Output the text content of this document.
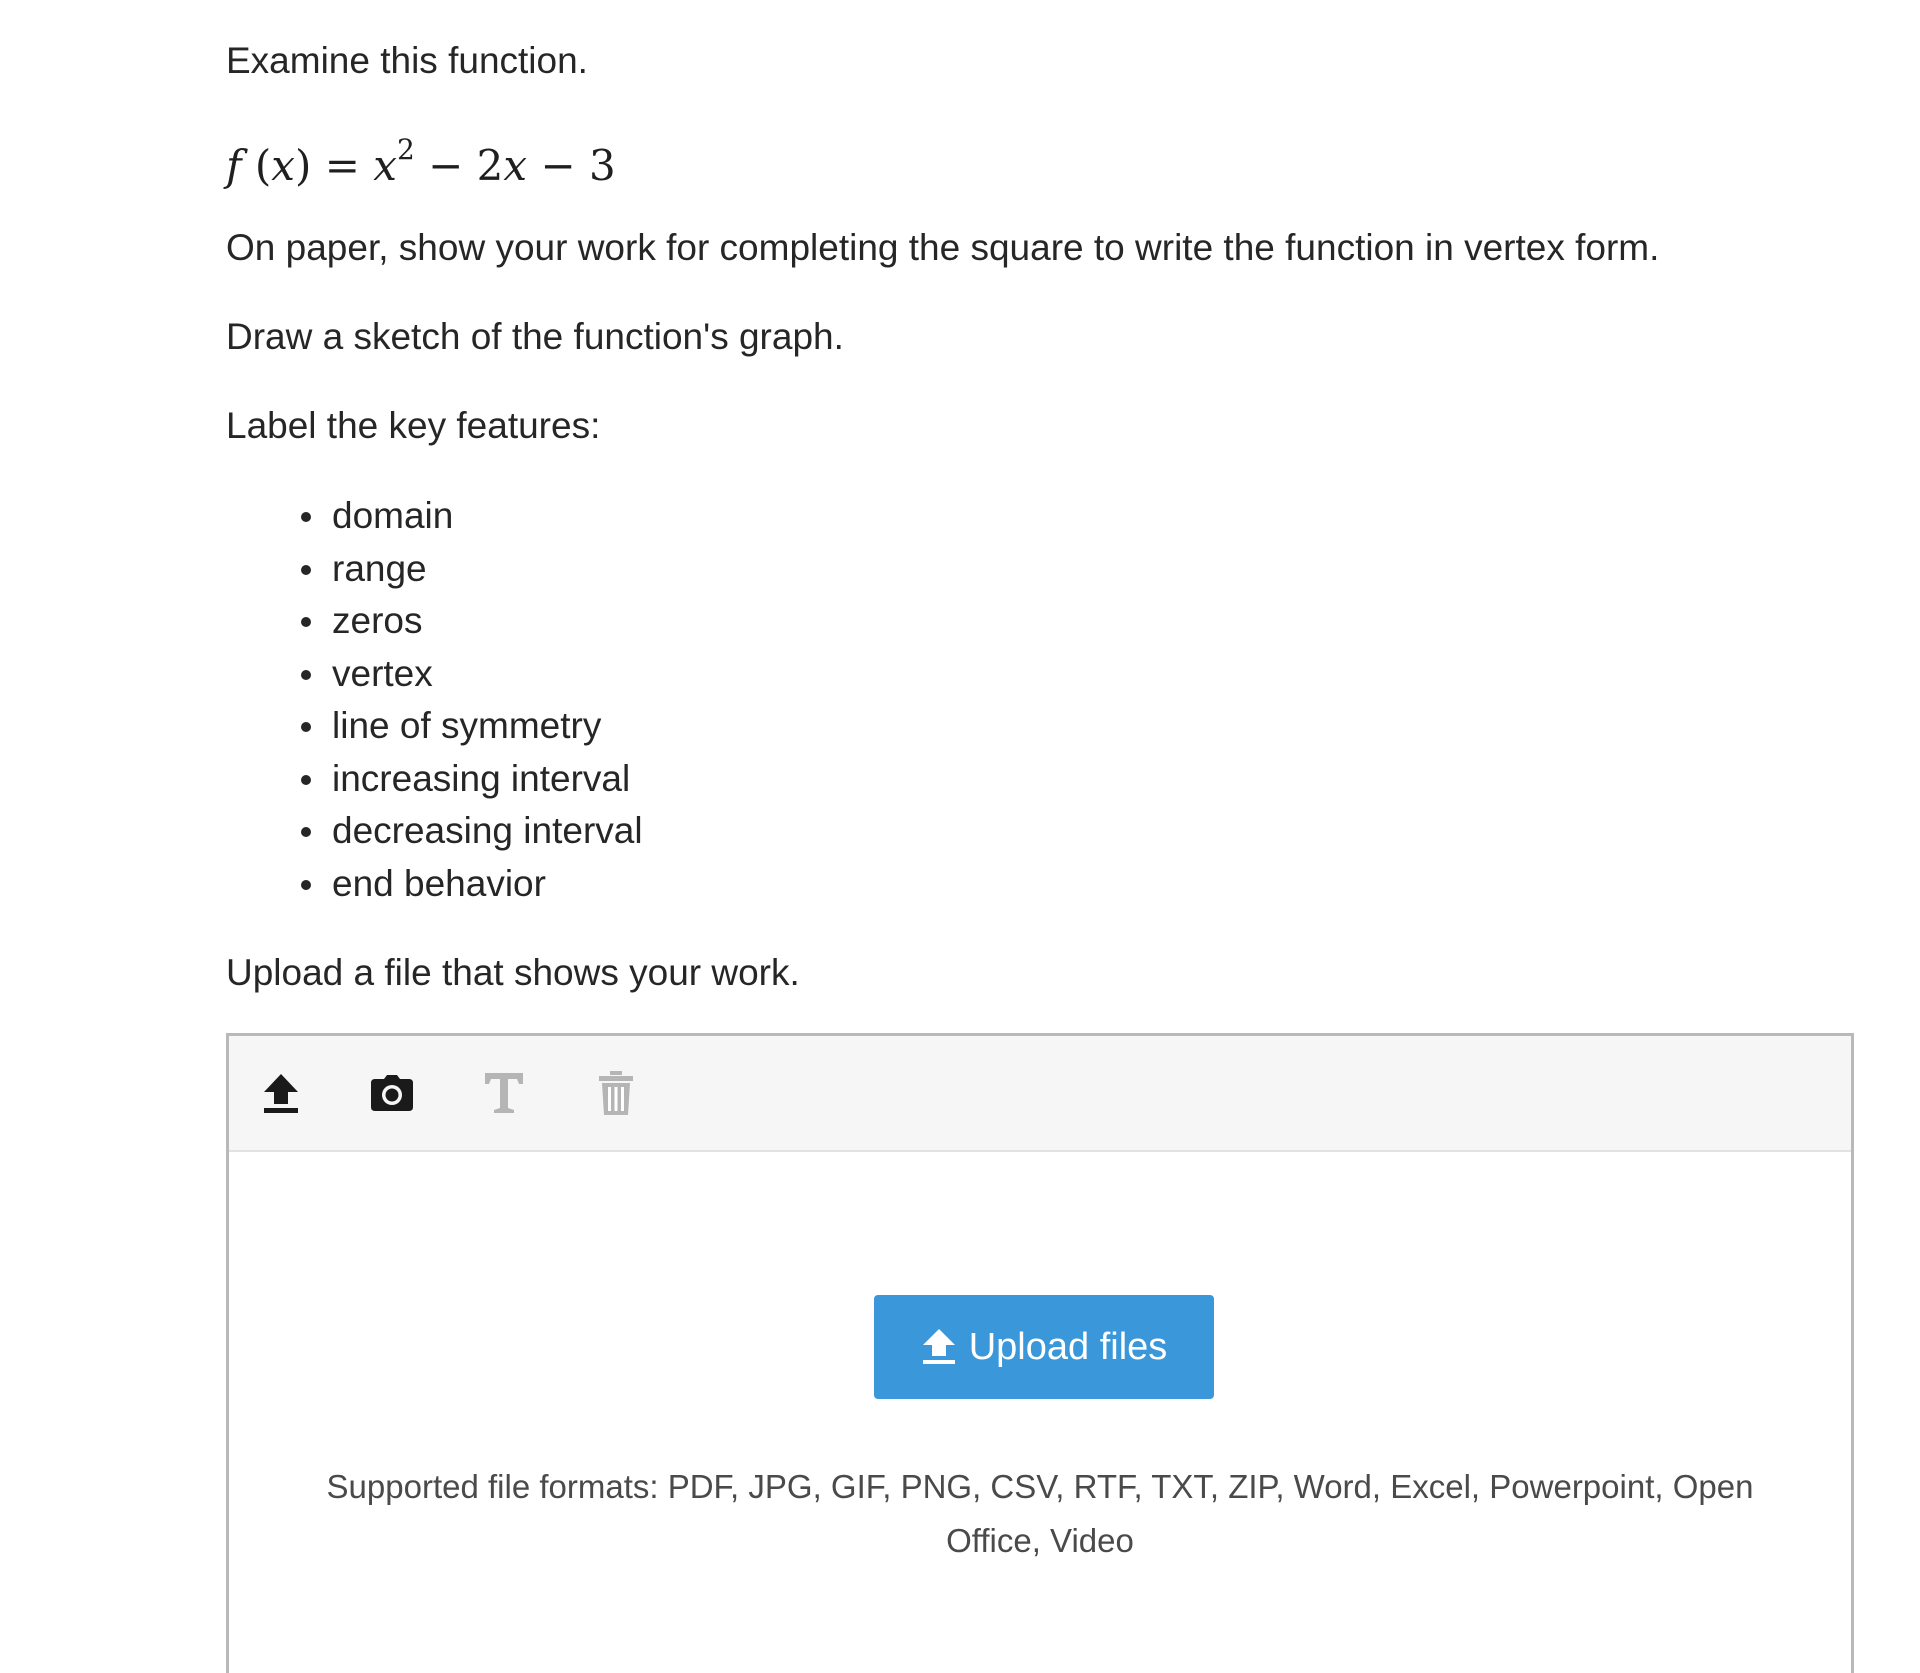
Examine this function.
f $(x) = x^2 - 2x - 3$
On paper, show your work for completing the square to write the function in vertex form.
Draw a sketch of the function's graph.
Label the key features:
domain
range
zeros
vertex
line of symmetry
increasing interval
decreasing interval
end behavior
Upload a file that shows your work.
Upload files
Supported file formats: PDF, JPG, GIF, PNG, CSV, RTF, TXT, ZIP, Word, Excel, Powerpoint, Open Office, Video
